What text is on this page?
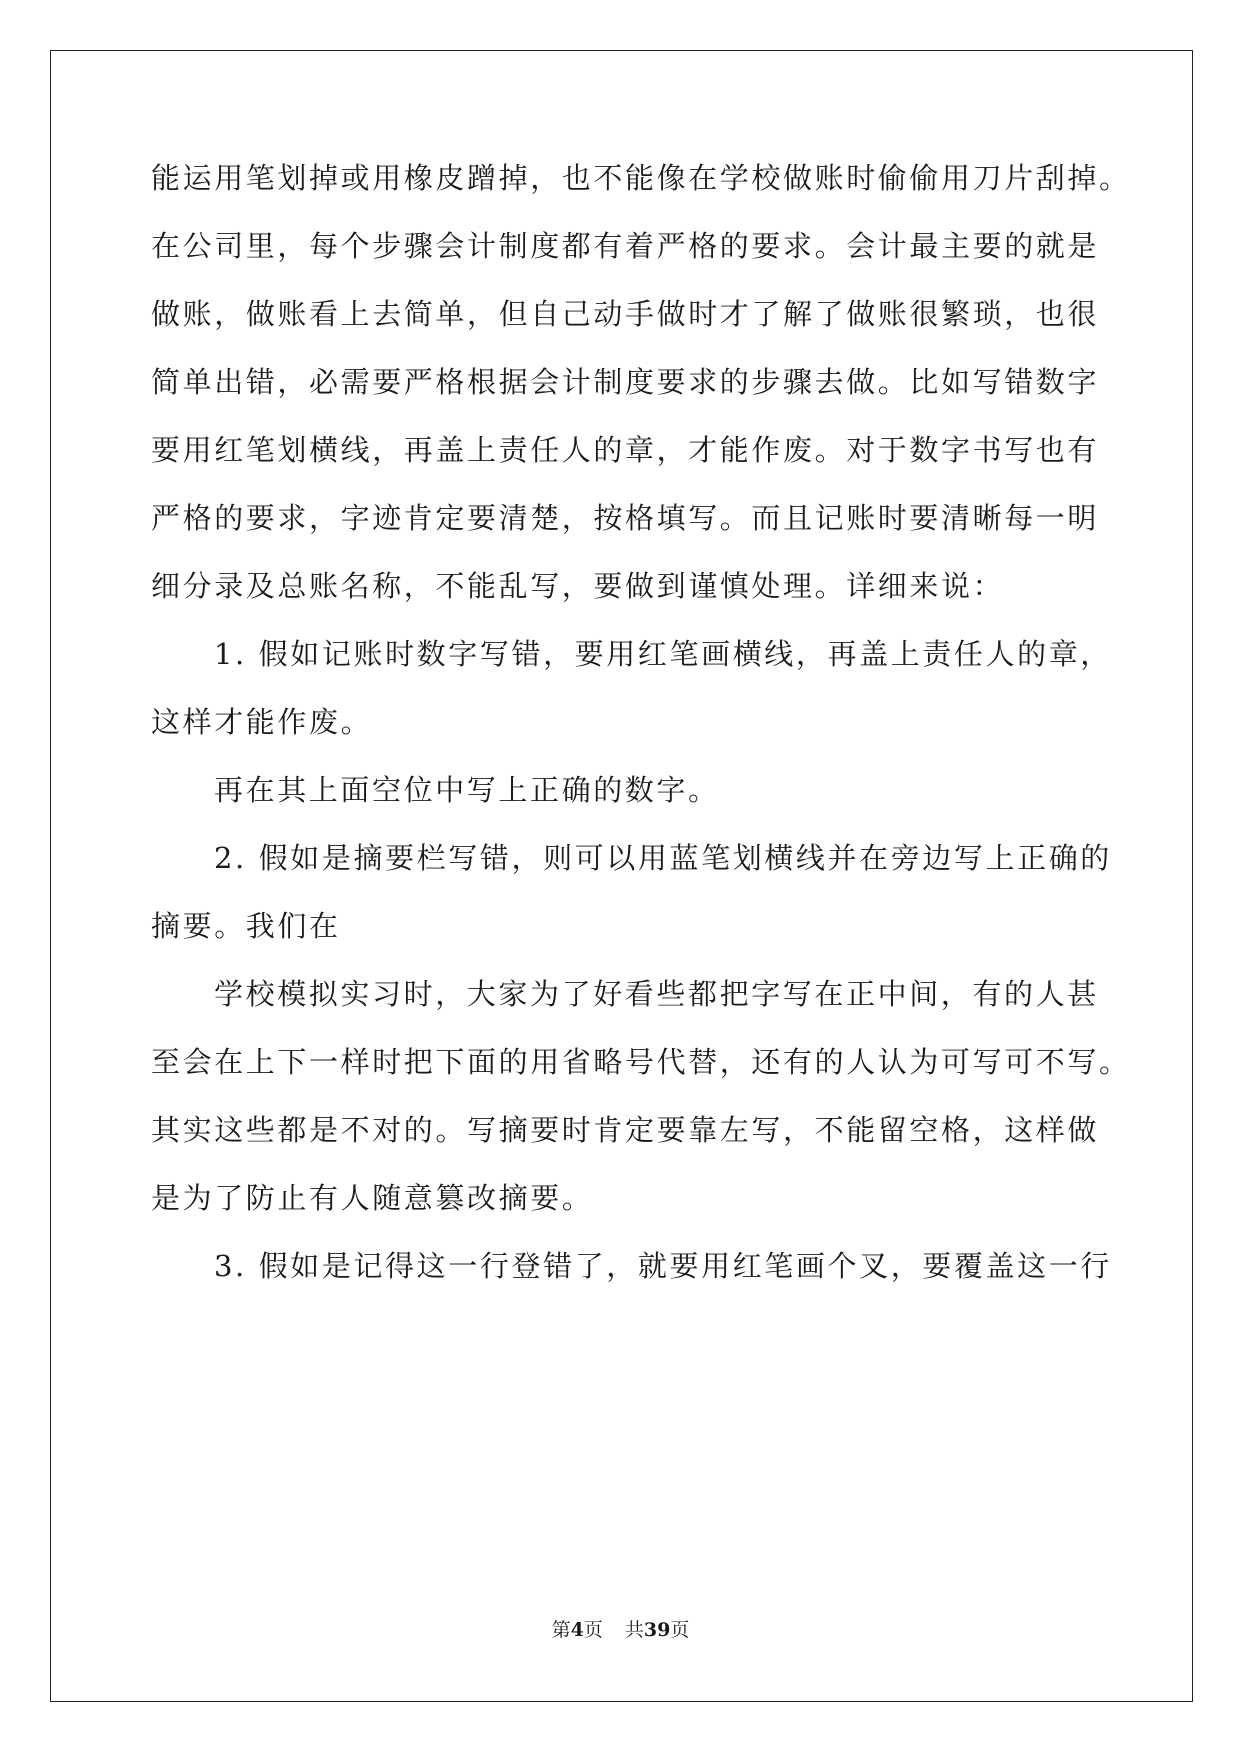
能运用笔划掉或用橡皮蹭掉，也不能像在学校做账时偷偷用刀片刮掉。
在公司里，每个步骤会计制度都有着严格的要求。会计最主要的就是
做账，做账看上去简单，但自己动手做时才了解了做账很繁琐，也很
简单出错，必需要严格根据会计制度要求的步骤去做。比如写错数字
要用红笔划横线，再盖上责任人的章，才能作废。对于数字书写也有
严格的要求，字迹肯定要清楚，按格填写。而且记账时要清晰每一明
细分录及总账名称，不能乱写，要做到谨慎处理。详细来说：
1. 假如记账时数字写错，要用红笔画横线，再盖上责任人的章，
这样才能作废。
再在其上面空位中写上正确的数字。
2. 假如是摘要栏写错，则可以用蓝笔划横线并在旁边写上正确的
摘要。我们在
学校模拟实习时，大家为了好看些都把字写在正中间，有的人甚
至会在上下一样时把下面的用省略号代替，还有的人认为可写可不写。
其实这些都是不对的。写摘要时肯定要靠左写，不能留空格，这样做
是为了防止有人随意篡改摘要。
3. 假如是记得这一行登错了，就要用红笔画个叉，要覆盖这一行
第4页 共39页
